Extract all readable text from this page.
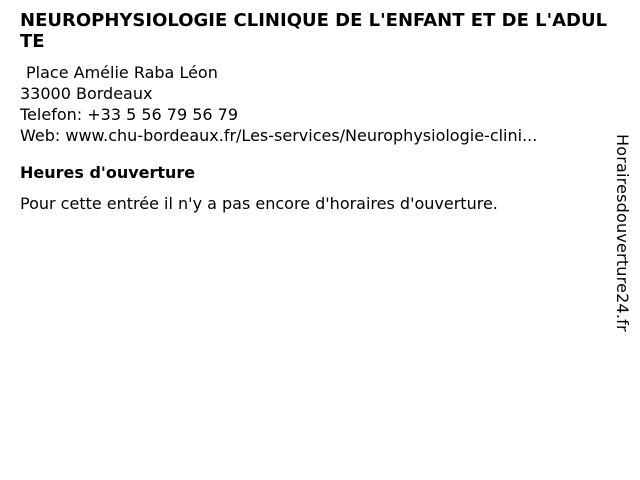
NEUROPHYSIOLOGIE CLINIQUE DE L'ENFANT ET DE L'ADULTE
Place Amélie Raba Léon
33000 Bordeaux
Telefon: +33 5 56 79 56 79
Web: www.chu-bordeaux.fr/Les-services/Neurophysiologie-clini...
Heures d'ouverture
Pour cette entrée il n'y a pas encore d'horaires d'ouverture.	Horairesdouverture24.fr
